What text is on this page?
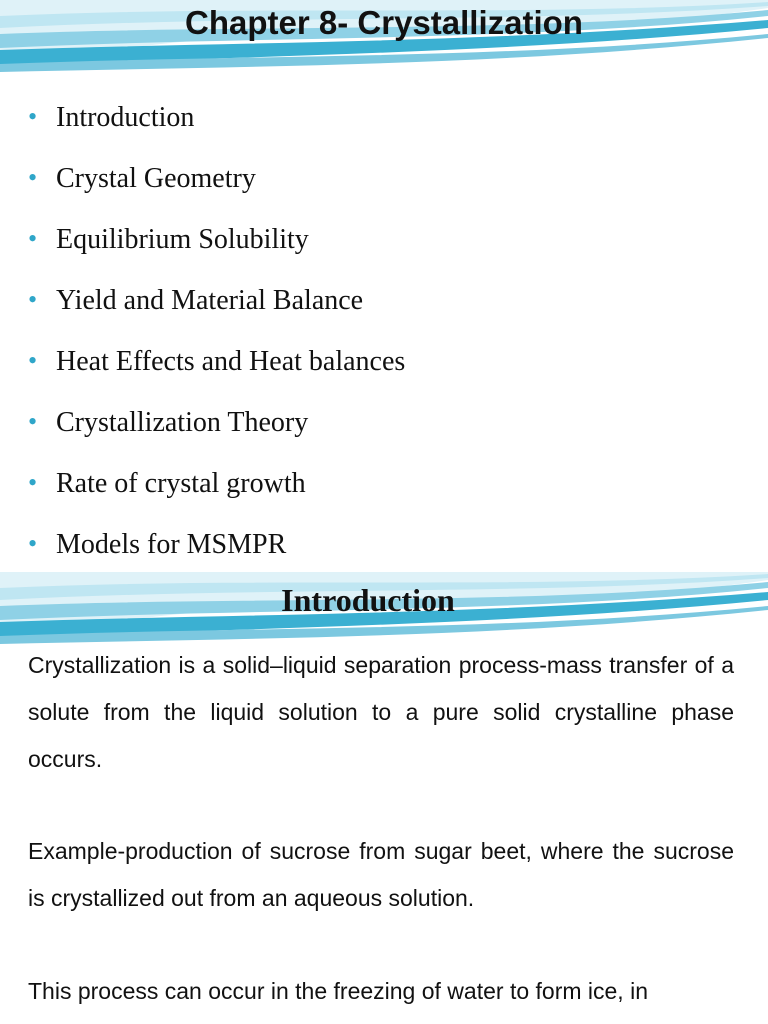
Chapter 8- Crystallization
• Introduction
• Crystal Geometry
• Equilibrium Solubility
• Yield and Material Balance
• Heat Effects and Heat balances
• Crystallization Theory
• Rate of crystal growth
• Models for MSMPR
Introduction

Crystallization is a solid–liquid separation process-mass transfer of a solute from the liquid solution to a pure solid crystalline phase occurs.

Example-production of sucrose from sugar beet, where the sucrose is crystallized out from an aqueous solution.

This process can occur in the freezing of water to form ice, in
